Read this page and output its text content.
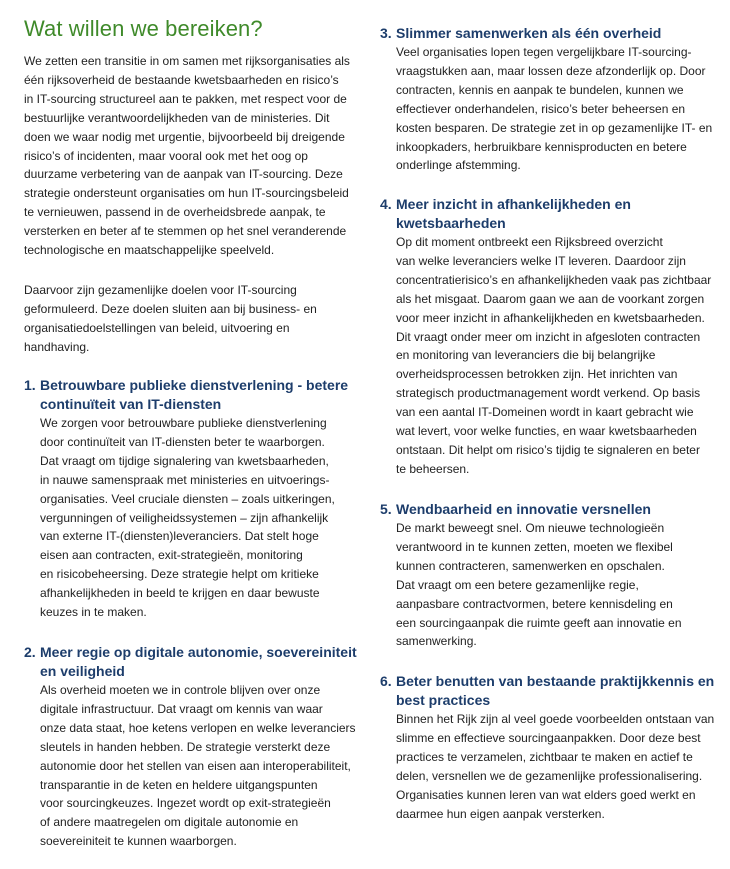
Wat willen we bereiken?

We zetten een transitie in om samen met rijksorganisaties als
één rijksoverheid de bestaande kwetsbaarheden en risico’s
in IT-sourcing structureel aan te pakken, met respect voor de
bestuurlijke verantwoordelijkheden van de ministeries. Dit
doen we waar nodig met urgentie, bijvoorbeeld bij dreigende
risico’s of incidenten, maar vooral ook met het oog op
duurzame verbetering van de aanpak van IT-sourcing. Deze
strategie ondersteunt organisaties om hun IT-sourcingsbeleid
te vernieuwen, passend in de overheidsbrede aanpak, te
versterken en beter af te stemmen op het snel veranderende
technologische en maatschappelijke speelveld.

Daarvoor zijn gezamenlijke doelen voor IT-sourcing
geformuleerd. Deze doelen sluiten aan bij business- en
organisatiedoelstellingen van beleid, uitvoering en
handhaving.

1. Betrouwbare publieke dienstverlening - betere
continuïteit van IT-diensten

We zorgen voor betrouwbare publieke dienstverlening
door continuïteit van IT-diensten beter te waarborgen.
Dat vraagt om tijdige signalering van kwetsbaarheden,
in nauwe samenspraak met ministeries en uitvoerings-
organisaties. Veel cruciale diensten – zoals uitkeringen,
vergunningen of veiligheidssystemen – zijn afhankelijk
van externe IT-(diensten)leveranciers. Dat stelt hoge
eisen aan contracten, exit-strategieën, monitoring
en risicobeheersing. Deze strategie helpt om kritieke
afhankelijkheden in beeld te krijgen en daar bewuste
keuzes in te maken.

2. Meer regie op digitale autonomie, soevereiniteit
en veiligheid

Als overheid moeten we in controle blijven over onze
digitale infrastructuur. Dat vraagt om kennis van waar
onze data staat, hoe ketens verlopen en welke leveranciers
sleutels in handen hebben. De strategie versterkt deze
autonomie door het stellen van eisen aan interoperabiliteit,
transparantie in de keten en heldere uitgangspunten
voor sourcingkeuzes. Ingezet wordt op exit-strategieën
of andere maatregelen om digitale autonomie en
soevereiniteit te kunnen waarborgen.

3. Slimmer samenwerken als één overheid

Veel organisaties lopen tegen vergelijkbare IT-sourcing-
vraagstukken aan, maar lossen deze afzonderlijk op. Door
contracten, kennis en aanpak te bundelen, kunnen we
effectiever onderhandelen, risico’s beter beheersen en
kosten besparen. De strategie zet in op gezamenlijke IT- en
inkoopkaders, herbruikbare kennisproducten en betere
onderlinge afstemming.

4. Meer inzicht in afhankelijkheden en
kwetsbaarheden

Op dit moment ontbreekt een Rijksbreed overzicht
van welke leveranciers welke IT leveren. Daardoor zijn
concentratierisico’s en afhankelijkheden vaak pas zichtbaar
als het misgaat. Daarom gaan we aan de voorkant zorgen
voor meer inzicht in afhankelijkheden en kwetsbaarheden.
Dit vraagt onder meer om inzicht in afgesloten contracten
en monitoring van leveranciers die bij belangrijke
overheidsprocessen betrokken zijn. Het inrichten van
strategisch productmanagement wordt verkend. Op basis
van een aantal IT-Domeinen wordt in kaart gebracht wie
wat levert, voor welke functies, en waar kwetsbaarheden
ontstaan. Dit helpt om risico’s tijdig te signaleren en beter
te beheersen.

5. Wendbaarheid en innovatie versnellen

De markt beweegt snel. Om nieuwe technologieën
verantwoord in te kunnen zetten, moeten we flexibel
kunnen contracteren, samenwerken en opschalen.
Dat vraagt om een betere gezamenlijke regie,
aanpasbare contractvormen, betere kennisdeling en
een sourcingaanpak die ruimte geeft aan innovatie en
samenwerking.

6. Beter benutten van bestaande praktijkkennis en
best practices

Binnen het Rijk zijn al veel goede voorbeelden ontstaan van
slimme en effectieve sourcingaanpakken. Door deze best
practices te verzamelen, zichtbaar te maken en actief te
delen, versnellen we de gezamenlijke professionalisering.
Organisaties kunnen leren van wat elders goed werkt en
daarmee hun eigen aanpak versterken.
